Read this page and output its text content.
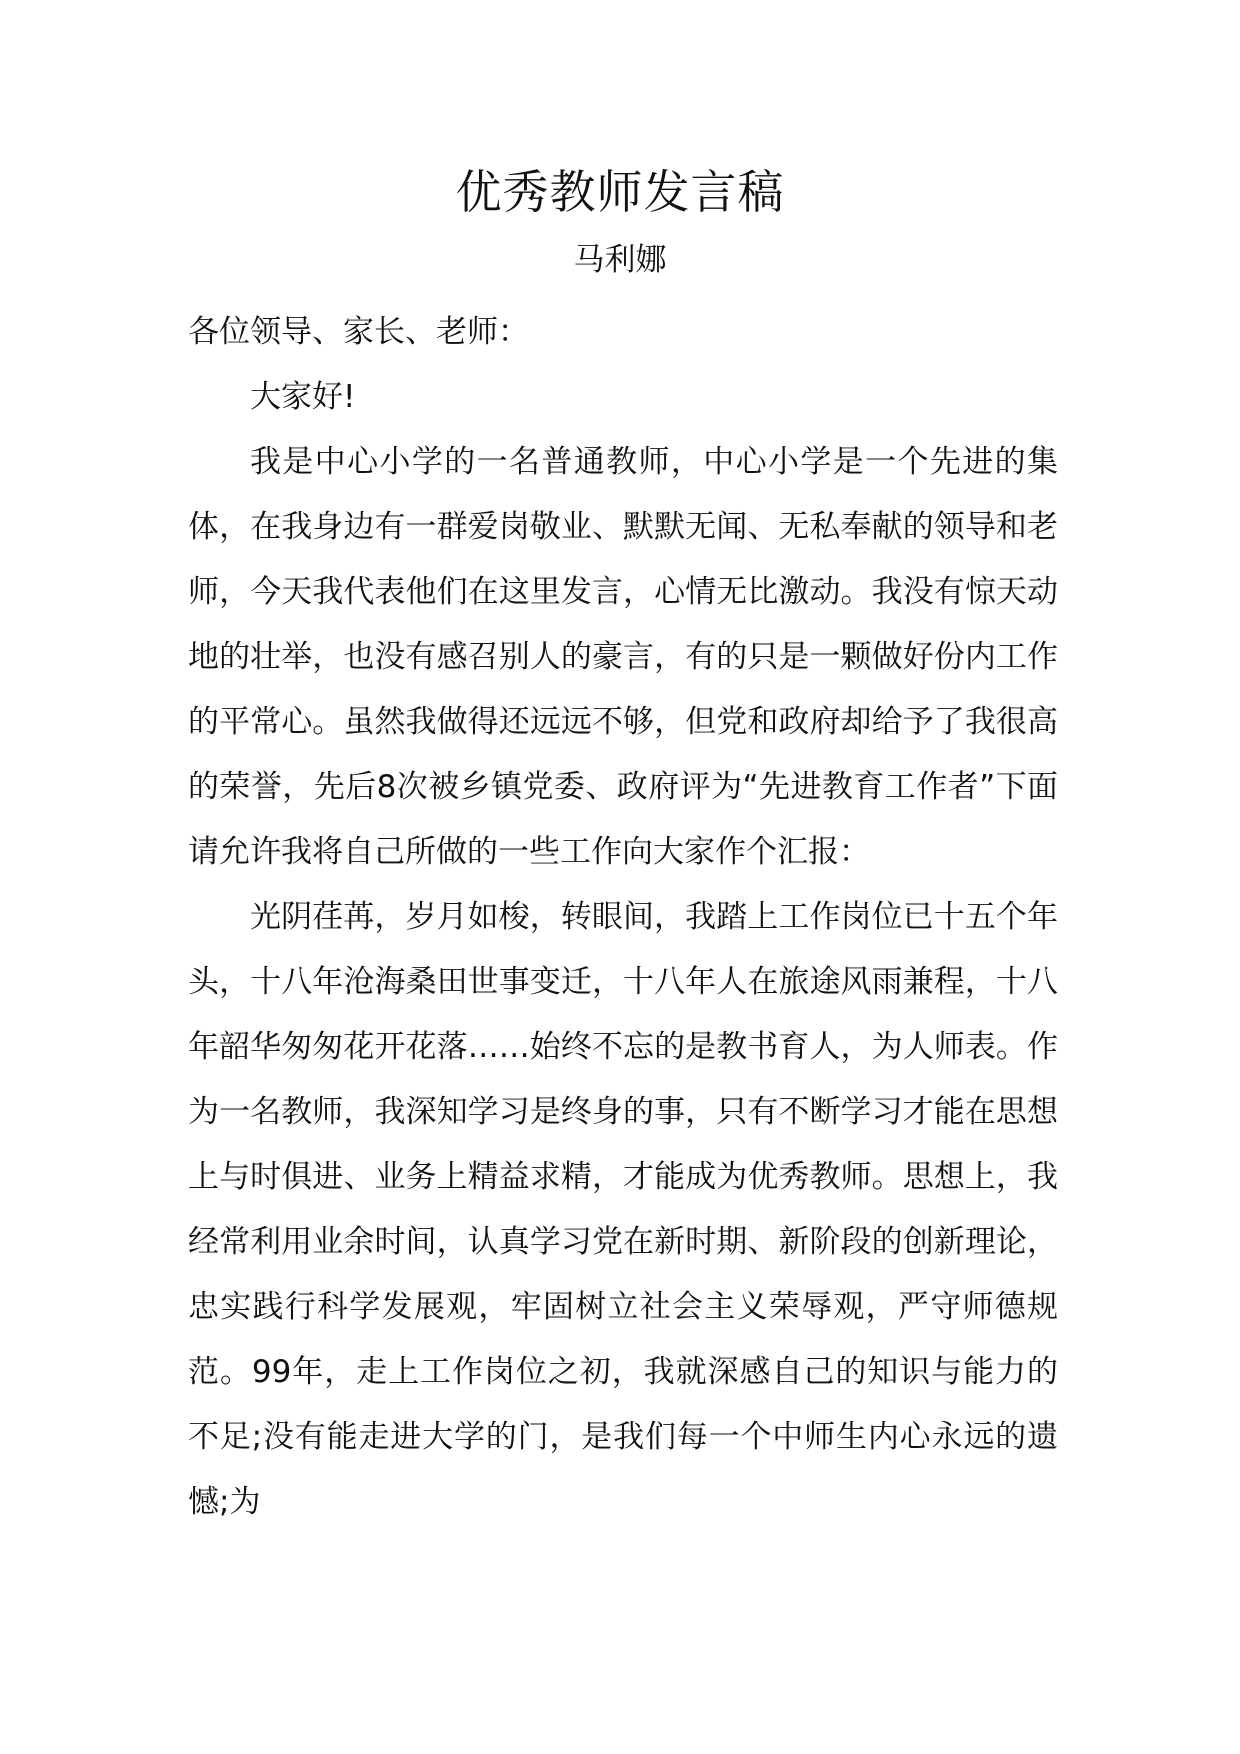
优秀教师发言稿
马利娜

各位领导、家长、老师：

大家好!

我是中心小学的一名普通教师，中心小学是一个先进的集体，在我身边有一群爱岗敬业、默默无闻、无私奉献的领导和老师，今天我代表他们在这里发言，心情无比激动。我没有惊天动地的壮举，也没有感召别人的豪言，有的只是一颗做好份内工作的平常心。虽然我做得还远远不够，但党和政府却给予了我很高的荣誉，先后8次被乡镇党委、政府评为“先进教育工作者”下面请允许我将自己所做的一些工作向大家作个汇报：

光阴荏苒，岁月如梭，转眼间，我踏上工作岗位已十五个年头，十八年沧海桑田世事变迁，十八年人在旅途风雨兼程，十八年韶华匆匆花开花落……始终不忘的是教书育人，为人师表。作为一名教师，我深知学习是终身的事，只有不断学习才能在思想上与时俱进、业务上精益求精，才能成为优秀教师。思想上，我经常利用业余时间，认真学习党在新时期、新阶段的创新理论，忠实践行科学发展观，牢固树立社会主义荣辱观，严守师德规范。99年，走上工作岗位之初，我就深感自己的知识与能力的不足;没有能走进大学的门，是我们每一个中师生内心永远的遗憾;为
